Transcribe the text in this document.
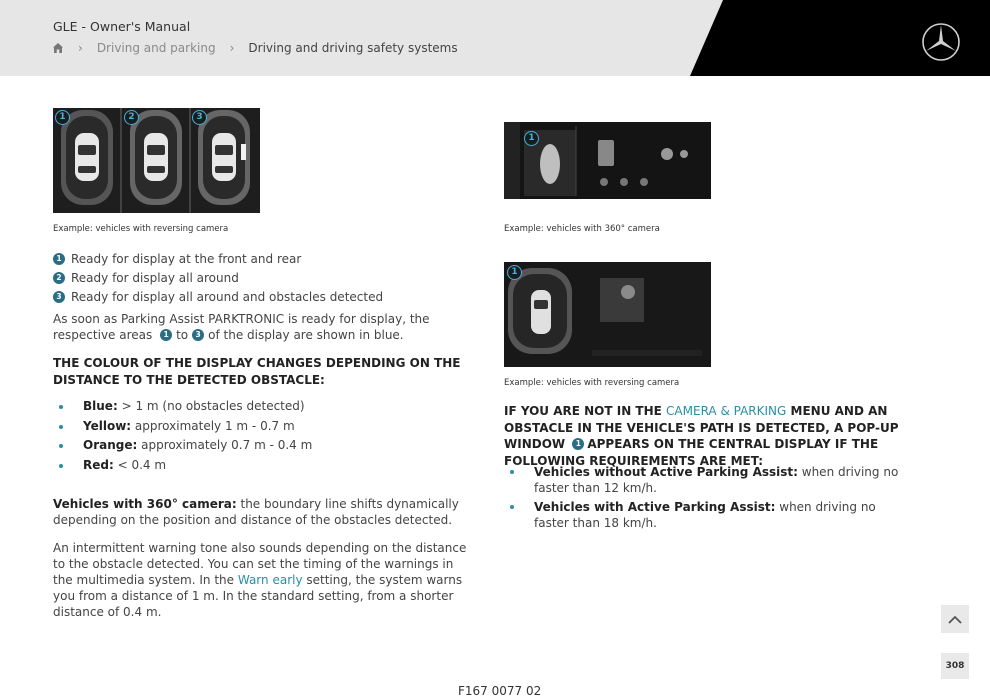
GLE - Owner's Manual
› Driving and parking › Driving and driving safety systems
1	2	3
Example: vehicles with reversing camera
1
Example: vehicles with 360° camera
1
Example: vehicles with reversing camera
1 Ready for display at the front and rear
2 Ready for display all around
3 Ready for display all around and obstacles detected
As soon as Parking Assist PARKTRONIC is ready for display, the respective areas 1 to 3 of the display are shown in blue.
THE COLOUR OF THE DISPLAY CHANGES DEPENDING ON THE DISTANCE TO THE DETECTED OBSTACLE:
Blue: > 1 m (no obstacles detected)
Yellow: approximately 1 m - 0.7 m
Orange: approximately 0.7 m - 0.4 m
Red: < 0.4 m
Vehicles with 360° camera: the boundary line shifts dynamically depending on the position and distance of the obstacles detected.
An intermittent warning tone also sounds depending on the distance to the obstacle detected. You can set the timing of the warnings in the multimedia system. In the Warn early setting, the system warns you from a distance of 1 m. In the standard setting, from a shorter distance of 0.4 m.
IF YOU ARE NOT IN THE CAMERA & PARKING MENU AND AN OBSTACLE IN THE VEHICLE'S PATH IS DETECTED, A POP-UP WINDOW 1 APPEARS ON THE CENTRAL DISPLAY IF THE FOLLOWING REQUIREMENTS ARE MET:
Vehicles without Active Parking Assist: when driving no faster than 12 km/h.
Vehicles with Active Parking Assist: when driving no faster than 18 km/h.
308
F167 0077 02
